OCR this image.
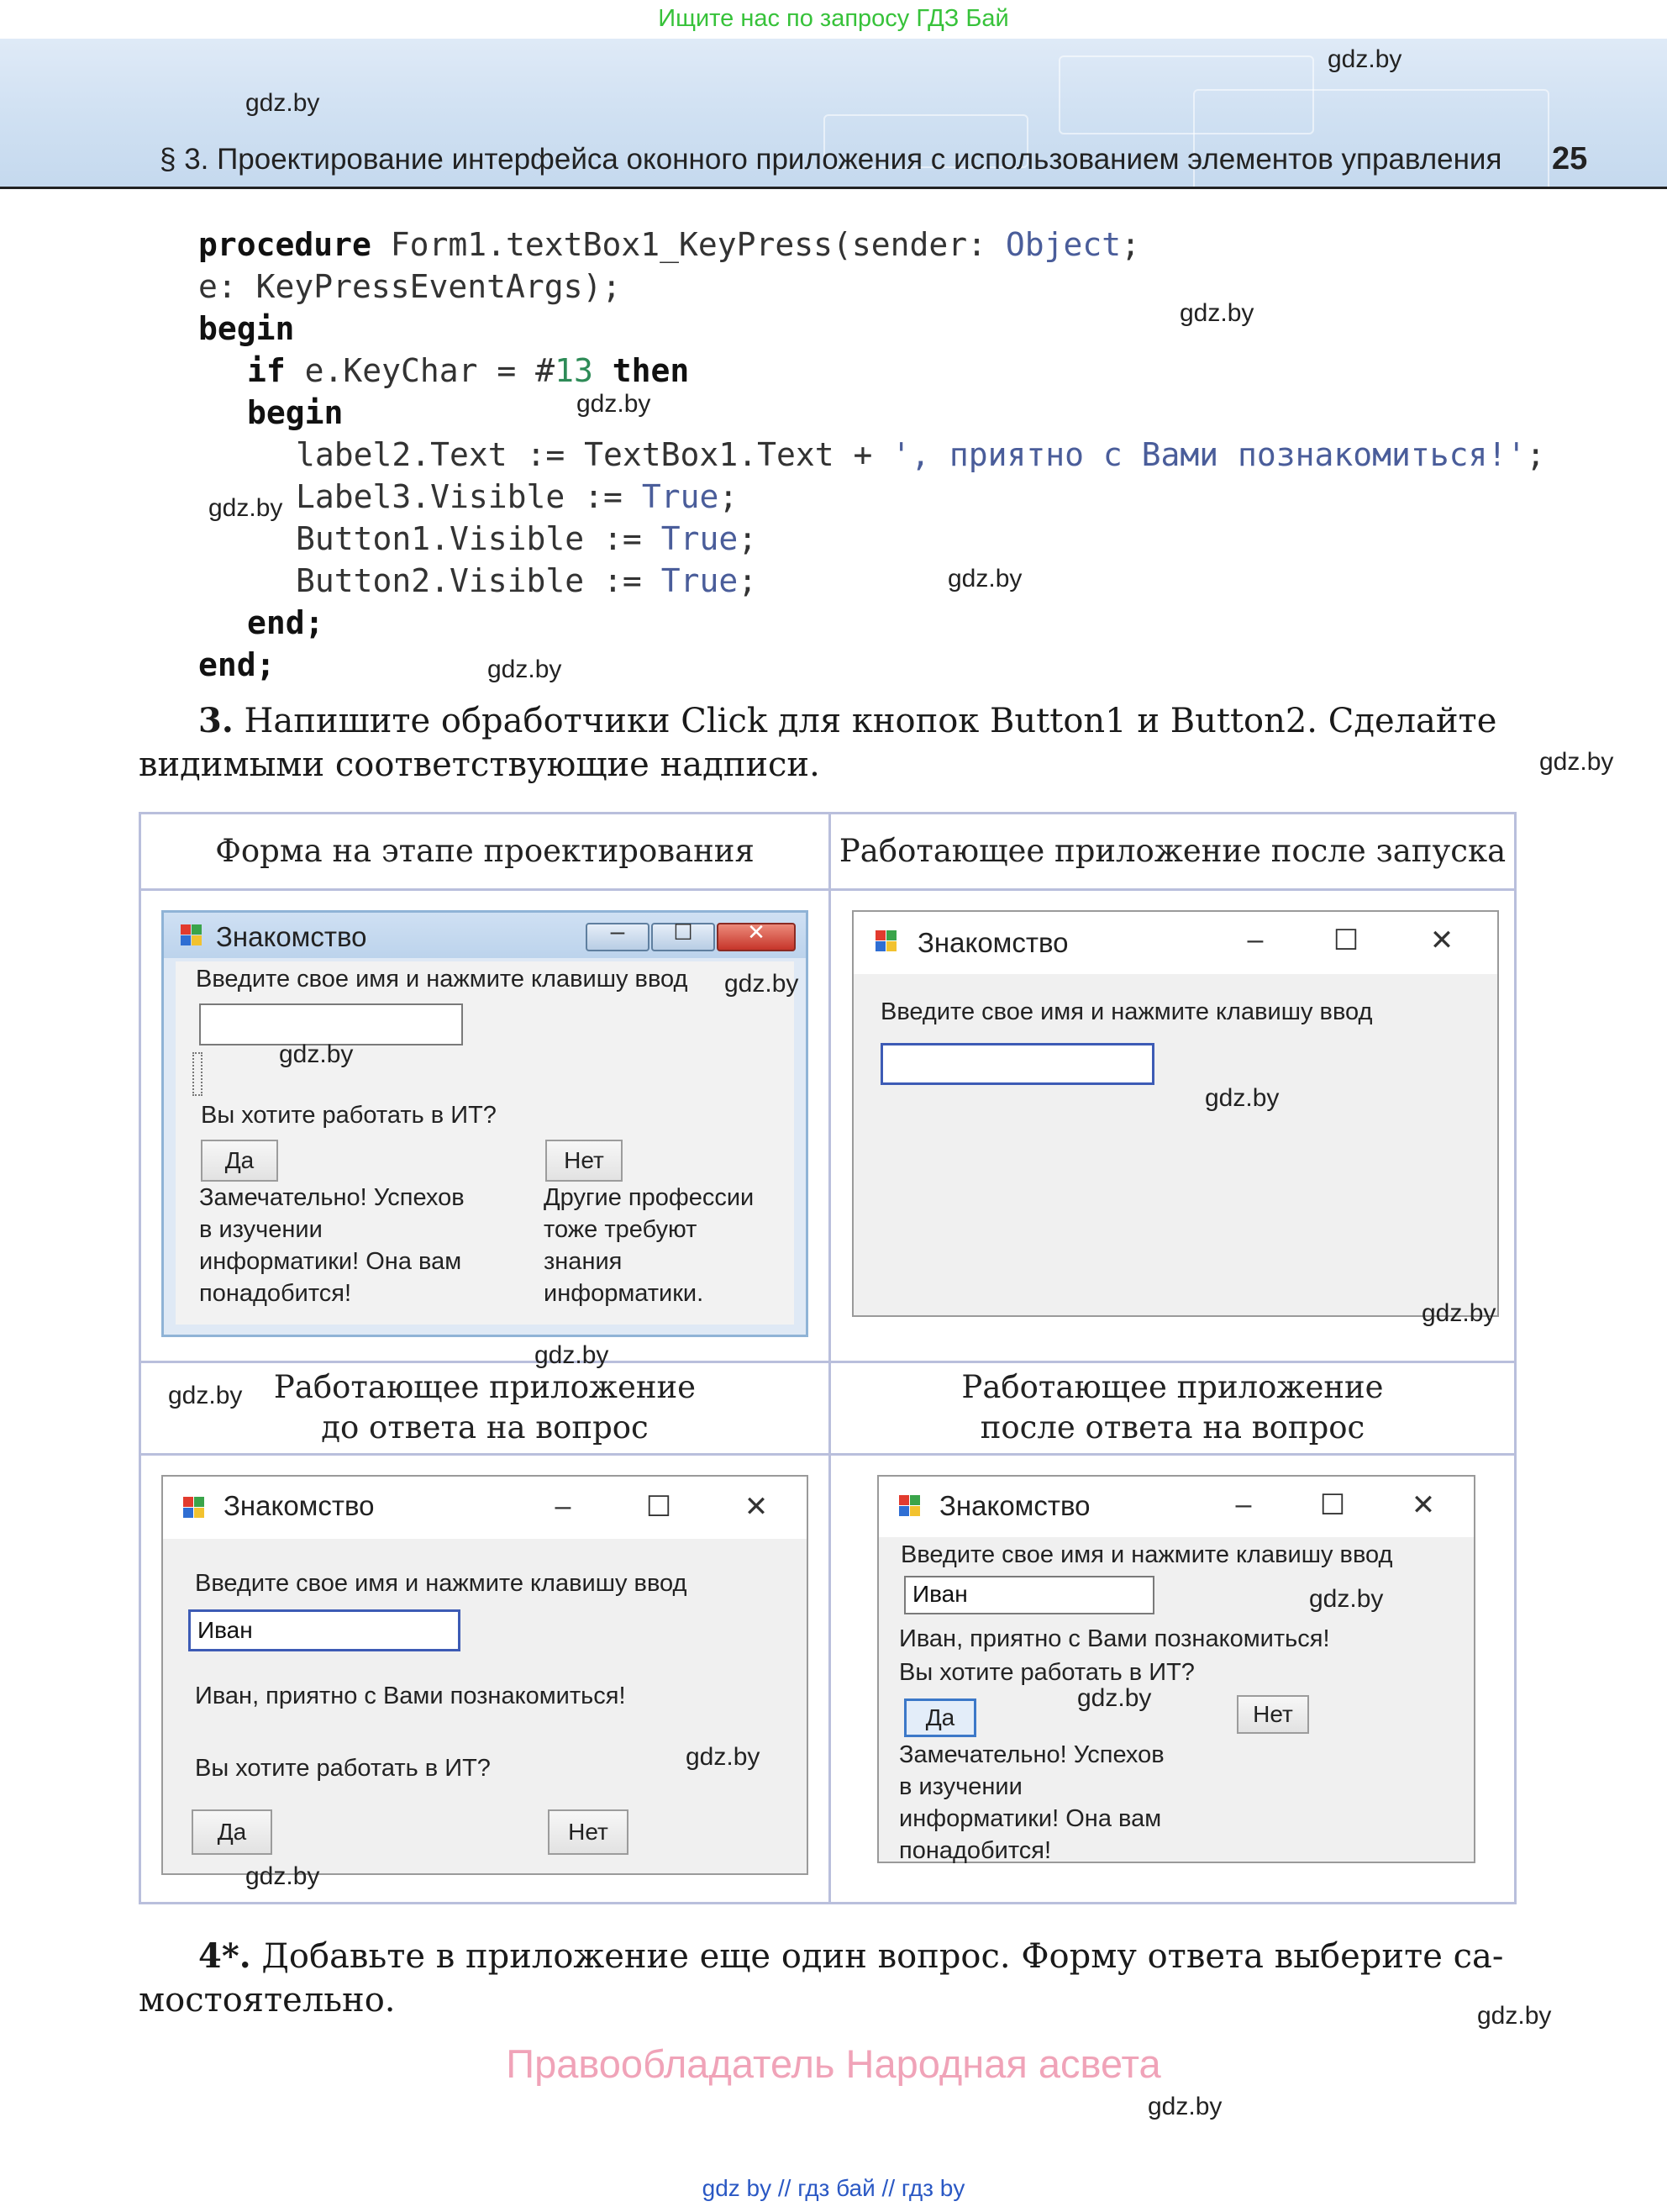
Ищите нас по запросу ГДЗ Бай
gdz.by
gdz.by
§ 3. Проектирование интерфейса оконного приложения с использованием элементов управления 25
procedure Form1.textBox1_KeyPress(sender: Object;
e: KeyPressEventArgs);
begin
if e.KeyChar = #13 then
begin
label2.Text := TextBox1.Text + ', приятно с Вами познакомиться!';
Label3.Visible := True;
Button1.Visible := True;
Button2.Visible := True;
end;
end;
gdz.by
gdz.by
gdz.by
gdz.by
gdz.by
3. Напишите обработчики Click для кнопок Button1 и Button2. Сделайте
видимыми соответствующие надписи.	gdz.by
Форма на этапе проектирования	Работающее приложение после запуска
Работающее приложение
до ответа на вопрос
Работающее приложение
после ответа на вопрос
Знакомство	–	☐	✕
Введите свое имя и нажмите клавишу ввод
Вы хотите работать в ИТ?
Да	Нет
Замечательно! Успехов
в изучении
информатики! Она вам
понадобится!
Другие профессии
тоже требуют
знания
информатики.
Знакомство	–	☐	✕
Введите свое имя и нажмите клавишу ввод
Знакомство	–	☐	✕
Введите свое имя и нажмите клавишу ввод
Иван
Иван, приятно с Вами познакомиться!
Вы хотите работать в ИТ?
Да	Нет
Знакомство	–	☐	✕
Введите свое имя и нажмите клавишу ввод
Иван
Иван, приятно с Вами познакомиться!
Вы хотите работать в ИТ?
Да	Нет
Замечательно! Успехов
в изучении
информатики! Она вам
понадобится!
gdz.by
gdz.by
gdz.by
gdz.by
gdz.by
gdz.by
gdz.by
gdz.by
gdz.by
gdz.by
4*. Добавьте в приложение еще один вопрос. Форму ответа выберите са-
мостоятельно.	gdz.by
Правообладатель Народная асвета
gdz.by
gdz by // гдз бай // гдз by
